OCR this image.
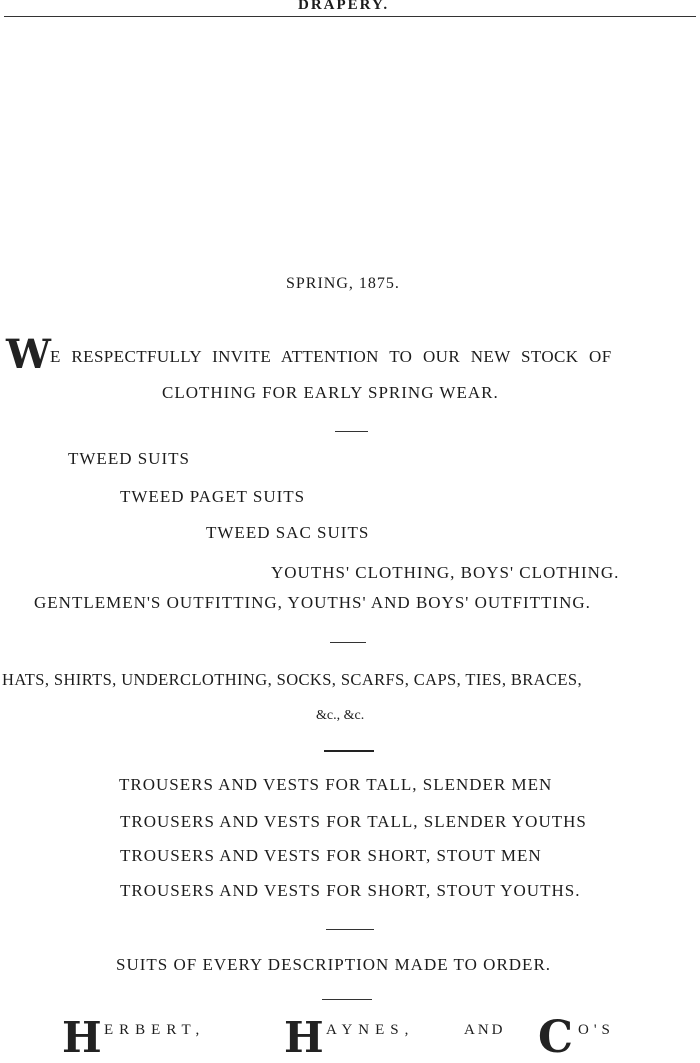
DRAPERY.
SPRING, 1875.
W E RESPECTFULLY INVITE ATTENTION TO OUR NEW STOCK OF
CLOTHING FOR EARLY SPRING WEAR.
TWEED SUITS
TWEED PAGET SUITS
TWEED SAC SUITS
YOUTHS' CLOTHING, BOYS' CLOTHING.
GENTLEMEN'S OUTFITTING, YOUTHS' AND BOYS' OUTFITTING.
HATS, SHIRTS, UNDERCLOTHING, SOCKS, SCARFS, CAPS, TIES, BRACES,
&c., &c.
TROUSERS AND VESTS FOR TALL, SLENDER MEN
TROUSERS AND VESTS FOR TALL, SLENDER YOUTHS
TROUSERS AND VESTS FOR SHORT, STOUT MEN
TROUSERS AND VESTS FOR SHORT, STOUT YOUTHS.
SUITS OF EVERY DESCRIPTION MADE TO ORDER.
H ERBERT, H AYNES,	AND C O'S
